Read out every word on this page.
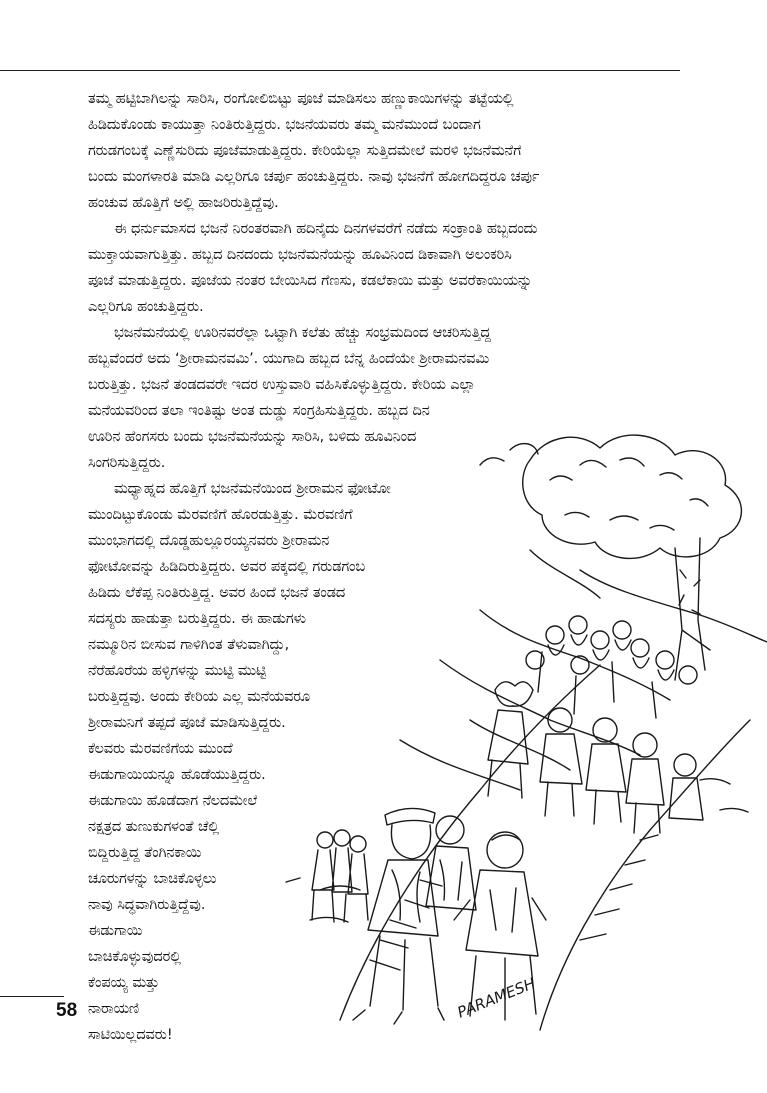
ತಮ್ಮ ಹಟ್ಟಿಬಾಗಿಲನ್ನು ಸಾರಿಸಿ, ರಂಗೋಲಿಬಿಟ್ಟು ಪೂಜೆ ಮಾಡಿಸಲು ಹಣ್ಣುಕಾಯಿಗಳನ್ನು ತಟ್ಟೆಯಲ್ಲಿ
ಹಿಡಿದುಕೊಂಡು ಕಾಯುತ್ತಾ ನಿಂತಿರುತ್ತಿದ್ದರು. ಭಜನೆಯವರು ತಮ್ಮ ಮನೆಮುಂದೆ ಬಂದಾಗ
ಗರುಡಗಂಬಕ್ಕೆ ಎಣ್ಣೆಸುರಿದು ಪೂಜೆಮಾಡುತ್ತಿದ್ದರು. ಕೇರಿಯೆಲ್ಲಾ ಸುತ್ತಿದಮೇಲೆ ಮರಳಿ ಭಜನೆಮನೆಗೆ
ಬಂದು ಮಂಗಳಾರತಿ ಮಾಡಿ ಎಲ್ಲರಿಗೂ ಚರ್ಪು ಹಂಚುತ್ತಿದ್ದರು. ನಾವು ಭಜನೆಗೆ ಹೋಗದಿದ್ದರೂ ಚರ್ಪು
ಹಂಚುವ ಹೊತ್ತಿಗೆ ಅಲ್ಲಿ ಹಾಜರಿರುತ್ತಿದ್ದೆವು.
ಈ ಧರ್ನುಮಾಸದ ಭಜನೆ ನಿರಂತರವಾಗಿ ಹದಿನೈದು ದಿನಗಳವರೆಗೆ ನಡೆದು ಸಂಕ್ರಾಂತಿ ಹಬ್ಬದಂದು
ಮುಕ್ತಾಯವಾಗುತ್ತಿತ್ತು. ಹಬ್ಬದ ದಿನದಂದು ಭಜನೆಮನೆಯನ್ನು ಹೂವಿನಿಂದ ಡಿಕಾವಾಗಿ ಅಲಂಕರಿಸಿ
ಪೂಜೆ ಮಾಡುತ್ತಿದ್ದರು. ಪೂಜೆಯ ನಂತರ ಬೇಯಿಸಿದ ಗೆಣಸು, ಕಡಲೆಕಾಯಿ ಮತ್ತು ಅವರೆಕಾಯಿಯನ್ನು
ಎಲ್ಲರಿಗೂ ಹಂಚುತ್ತಿದ್ದರು.
ಭಜನೆಮನೆಯಲ್ಲಿ ಊರಿನವರೆಲ್ಲಾ ಒಟ್ಟಾಗಿ ಕಲೆತು ಹೆಚ್ಚು ಸಂಭ್ರಮದಿಂದ ಆಚರಿಸುತ್ತಿದ್ದ
ಹಬ್ಬವೆಂದರೆ ಅದು ‘ಶ್ರೀರಾಮನವಮಿ’. ಯುಗಾದಿ ಹಬ್ಬದ ಬೆನ್ನ ಹಿಂದೆಯೇ ಶ್ರೀರಾಮನವಮಿ
ಬರುತ್ತಿತ್ತು. ಭಜನೆ ತಂಡದವರೇ ಇದರ ಉಸ್ತುವಾರಿ ವಹಿಸಿಕೊಳ್ಳುತ್ತಿದ್ದರು. ಕೇರಿಯ ಎಲ್ಲಾ
ಮನೆಯವರಿಂದ ತಲಾ ಇಂತಿಷ್ಟು ಅಂತ ದುಡ್ಡು ಸಂಗ್ರಹಿಸುತ್ತಿದ್ದರು. ಹಬ್ಬದ ದಿನ
ಊರಿನ ಹೆಂಗಸರು ಬಂದು ಭಜನೆಮನೆಯನ್ನು ಸಾರಿಸಿ, ಬಳಿದು ಹೂವಿನಿಂದ
ಸಿಂಗರಿಸುತ್ತಿದ್ದರು.
ಮಧ್ಯಾಹ್ನದ ಹೊತ್ತಿಗೆ ಭಜನೆಮನೆಯಿಂದ ಶ್ರೀರಾಮನ ಫೋಟೋ
ಮುಂದಿಟ್ಟುಕೊಂಡು ಮೆರವಣಿಗೆ ಹೊರಡುತ್ತಿತ್ತು. ಮೆರವಣಿಗೆ
ಮುಂಭಾಗದಲ್ಲಿ ದೊಡ್ಡಹುಲ್ಲೂರಯ್ಯನವರು ಶ್ರೀರಾಮನ
ಫೋಟೋವನ್ನು ಹಿಡಿದಿರುತ್ತಿದ್ದರು. ಅವರ ಪಕ್ಕದಲ್ಲಿ ಗರುಡಗಂಬ
ಹಿಡಿದು ಲೆಕೆಪ್ಪ ನಿಂತಿರುತ್ತಿದ್ದ. ಅವರ ಹಿಂದೆ ಭಜನೆ ತಂಡದ
ಸದಸ್ಯರು ಹಾಡುತ್ತಾ ಬರುತ್ತಿದ್ದರು. ಈ ಹಾಡುಗಳು
ನಮ್ಮೂರಿನ ಬೀಸುವ ಗಾಳಿಗಿಂತ ತೆಳುವಾಗಿದ್ದು,
ನೆರೆಹೊರೆಯ ಹಳ್ಳಿಗಳನ್ನು ಮುಟ್ಟಿ ಮುಟ್ಟಿ
ಬರುತ್ತಿದ್ದವು. ಅಂದು ಕೇರಿಯ ಎಲ್ಲ ಮನೆಯವರೂ
ಶ್ರೀರಾಮನಿಗೆ ತಪ್ಪದೆ ಪೂಜೆ ಮಾಡಿಸುತ್ತಿದ್ದರು.
ಕೆಲವರು ಮೆರವಣಿಗೆಯ ಮುಂದೆ
ಈಡುಗಾಯಿಯನ್ನೂ ಹೊಡೆಯುತ್ತಿದ್ದರು.
ಈಡುಗಾಯಿ ಹೊಡೆದಾಗ ನೆಲದಮೇಲೆ
ನಕ್ಷತ್ರದ ತುಣುಕುಗಳಂತೆ ಚೆಲ್ಲಿ
ಬಿದ್ದಿರುತ್ತಿದ್ದ ತೆಂಗಿನಕಾಯಿ
ಚೂರುಗಳನ್ನು ಬಾಚಿಕೊಳ್ಳಲು
ನಾವು ಸಿದ್ಧವಾಗಿರುತ್ತಿದ್ದೆವು.
ಈಡುಗಾಯಿ
ಬಾಚಿಕೊಳ್ಳುವುದರಲ್ಲಿ
ಕೆಂಪಯ್ಯ ಮತ್ತು	PARAMESH
58 ನಾರಾಯಣಿ
ಸಾಟಿಯಿಲ್ಲದವರು!
